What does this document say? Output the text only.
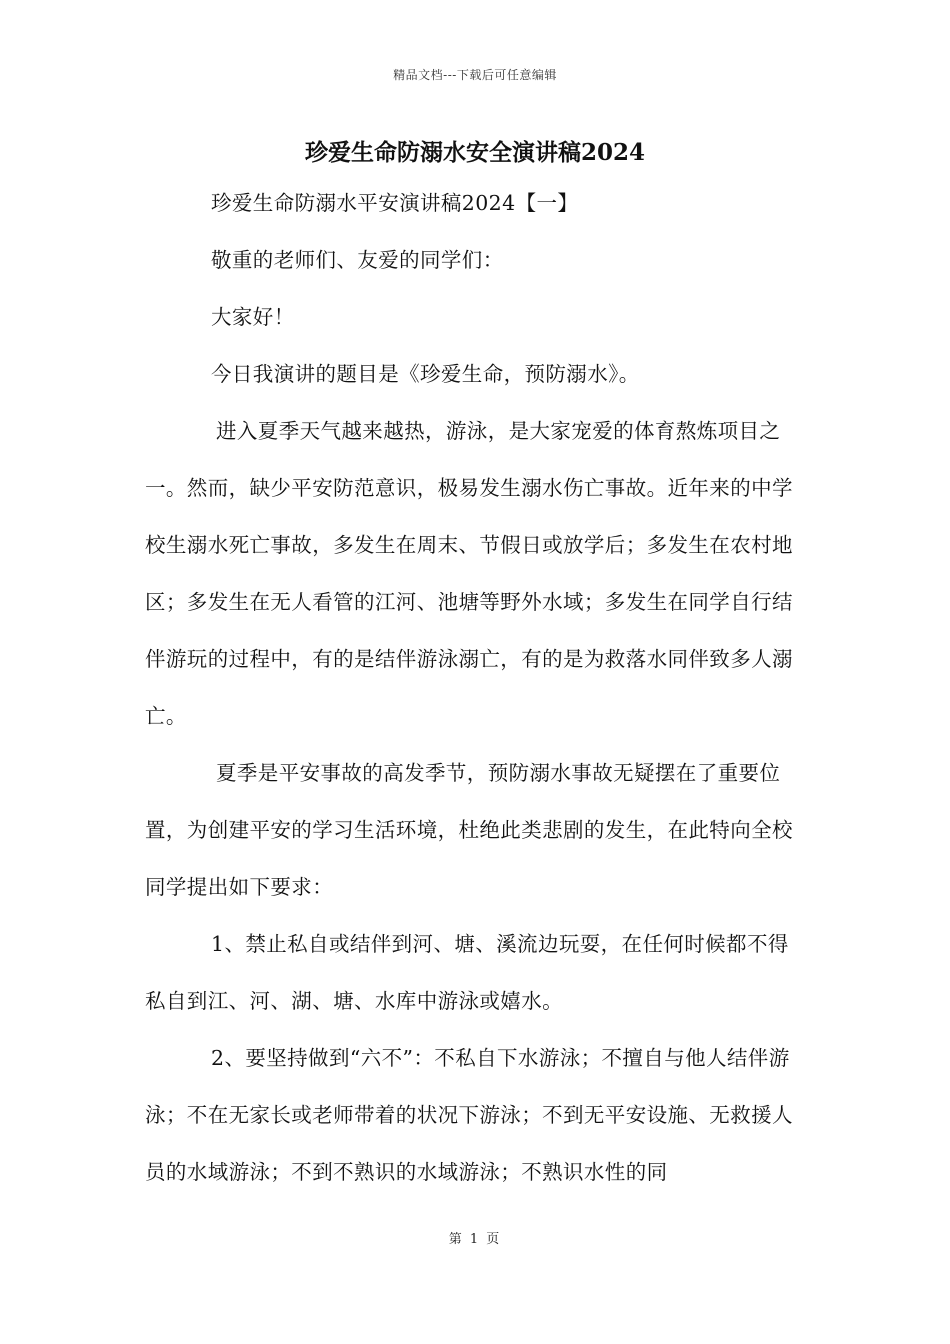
精品文档---下载后可任意编辑
珍爱生命防溺水安全演讲稿2024

珍爱生命防溺水平安演讲稿2024【一】

敬重的老师们、友爱的同学们：

大家好！

今日我演讲的题目是《珍爱生命，预防溺水》。

进入夏季天气越来越热，游泳，是大家宠爱的体育熬炼项目之一。然而，缺少平安防范意识，极易发生溺水伤亡事故。近年来的中学校生溺水死亡事故，多发生在周末、节假日或放学后；多发生在农村地区；多发生在无人看管的江河、池塘等野外水域；多发生在同学自行结伴游玩的过程中，有的是结伴游泳溺亡，有的是为救落水同伴致多人溺亡。

夏季是平安事故的高发季节，预防溺水事故无疑摆在了重要位置，为创建平安的学习生活环境，杜绝此类悲剧的发生，在此特向全校同学提出如下要求：

1、禁止私自或结伴到河、塘、溪流边玩耍，在任何时候都不得私自到江、河、湖、塘、水库中游泳或嬉水。

2、要坚持做到“六不”：不私自下水游泳；不擅自与他人结伴游泳；不在无家长或老师带着的状况下游泳；不到无平安设施、无救援人员的水域游泳；不到不熟识的水域游泳；不熟识水性的同

第 1 页
